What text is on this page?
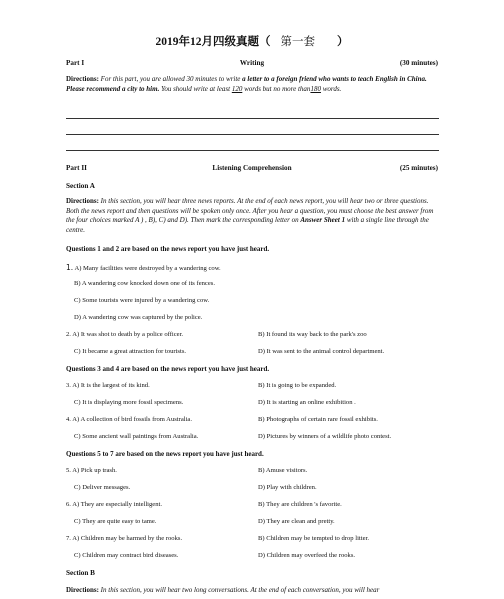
2019年12月四级真题（ 第一套 ）
Part I	Writing	(30 minutes)
Directions: For this part, you are allowed 30 minutes to write a letter to a foreign friend who wants to teach English in China. Please recommend a city to him. You should write at least 120 words but no more than180 words.
Part II	Listening Comprehension	(25 minutes)
Section A
Directions: In this section, you will hear three news reports. At the end of each news report, you will hear two or three questions. Both the news report and then questions will be spoken only once. After you hear a question, you must choose the best answer from the four choices marked A ) , B), C) and D). Then mark the corresponding letter on Answer Sheet 1 with a single line through the centre.
Questions 1 and 2 are based on the news report you have just heard.
1. A) Many facilities were destroyed by a wandering cow.
B) A wandering cow knocked down one of its fences.
C) Some tourists were injured by a wandering cow.
D) A wandering cow was captured by the police.
2. A) It was shot to death by a police officer.	B) It found its way back to the park's zoo
C) It became a great attraction for tourists.	D) It was sent to the animal control department.
Questions 3 and 4 are based on the news report you have just heard.
3. A) It is the largest of its kind.	B) It is going to be expanded.
C) It is displaying more fossil specimens.	D) It is starting an online exhibition .
4. A) A collection of bird fossils from Australia.	B) Photographs of certain rare fossil exhibits.
C) Some ancient wall paintings from Australia.	D) Pictures by winners of a wildlife photo contest.
Questions 5 to 7 are based on the news report you have just heard.
5. A) Pick up trash.	B) Amuse visitors.
C) Deliver messages.	D) Play with children.
6. A) They are especially intelligent.	B) They are children 's favorite.
C) They are quite easy to tame.	D) They are clean and pretty.
7. A) Children may be harmed by the rooks.	B) Children may be tempted to drop litter.
C) Children may contract bird diseases.	D) Children may overfeed the rooks.
Section B
Directions: In this section, you will hear two long conversations. At the end of each conversation, you will hear
